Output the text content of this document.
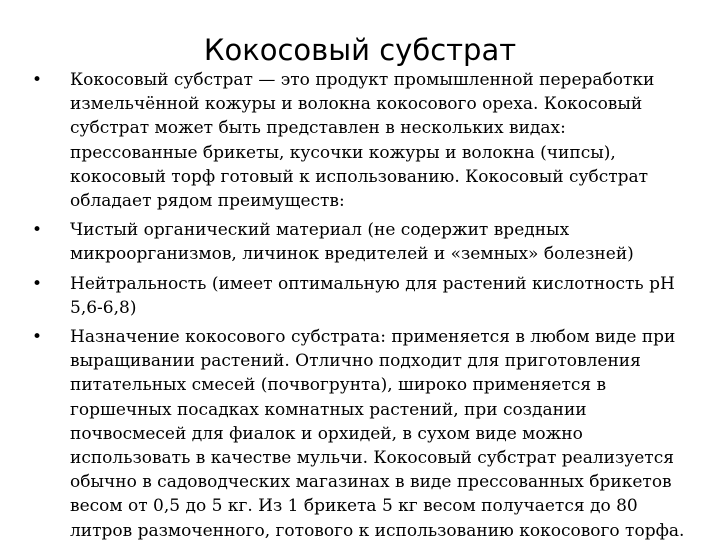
Кокосовый субстрат
• Кокосовый субстрат — это продукт промышленной переработки измельчённой кожуры и волокна кокосового ореха. Кокосовый субстрат может быть представлен в нескольких видах: прессованные брикеты, кусочки кожуры и волокна (чипсы), кокосовый торф готовый к использованию. Кокосовый субстрат обладает рядом преимуществ:
• Чистый органический материал (не содержит вредных микроорганизмов, личинок вредителей и «земных» болезней)
• Нейтральность (имеет оптимальную для растений кислотность рН 5,6-6,8)
• Назначение кокосового субстрата: применяется в любом виде при выращивании растений. Отлично подходит для приготовления питательных смесей (почвогрунта), широко применяется в горшечных посадках комнатных растений, при создании почвосмесей для фиалок и орхидей, в сухом виде можно использовать в качестве мульчи. Кокосовый субстрат реализуется обычно в садоводческих магазинах в виде прессованных брикетов весом от 0,5 до 5 кг. Из 1 брикета 5 кг весом получается до 80 литров размоченного, готового к использованию кокосового торфа.
